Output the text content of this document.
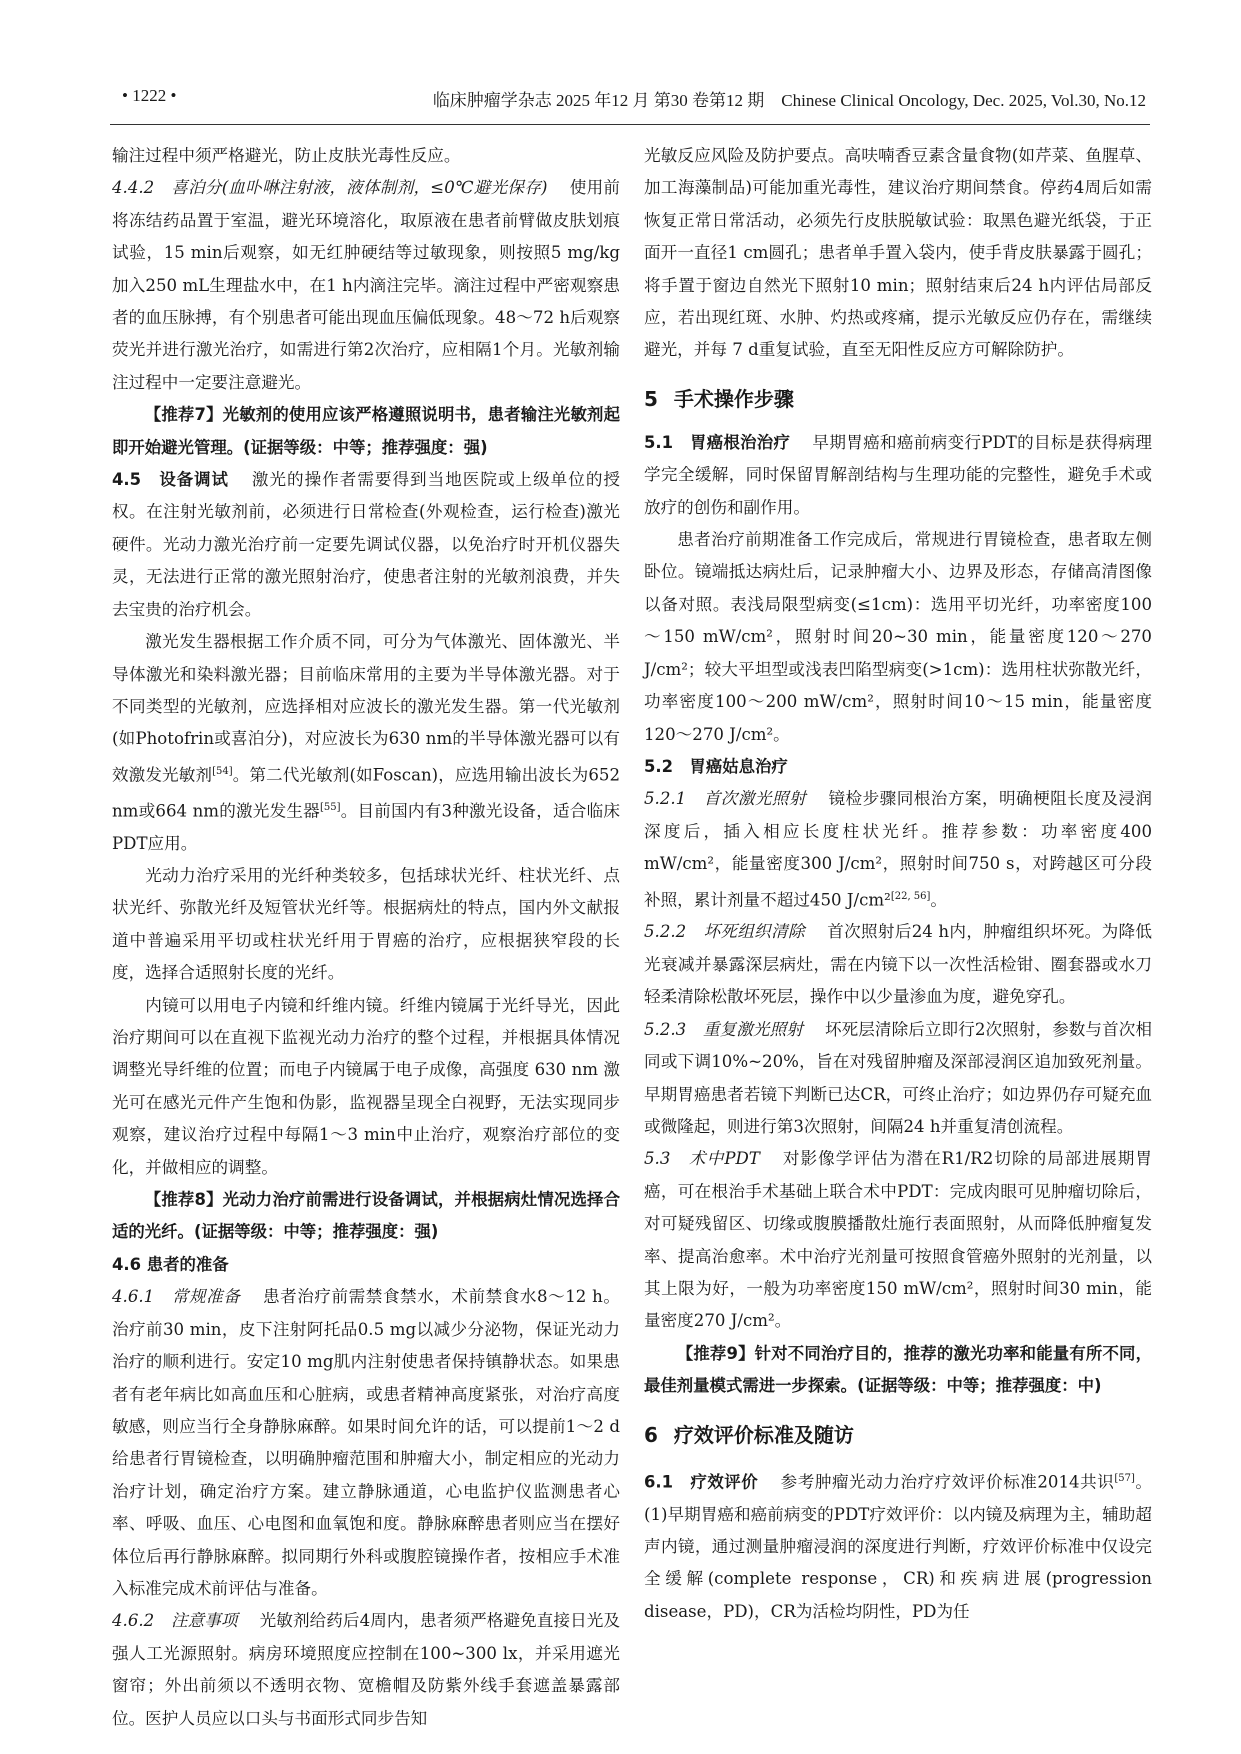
• 1222 •	临床肿瘤学杂志 2025 年12 月 第30 卷第12 期　Chinese Clinical Oncology, Dec. 2025, Vol.30, No.12

输注过程中须严格避光，防止皮肤光毒性反应。

4.4.2　喜泊分(血卟啉注射液，液体制剂，≤0℃避光保存) 使用前将冻结药品置于室温，避光环境溶化，取原液在患者前臂做皮肤划痕试验，15 min后观察，如无红肿硬结等过敏现象，则按照5 mg/kg加入250 mL生理盐水中，在1 h内滴注完毕。滴注过程中严密观察患者的血压脉搏，有个别患者可能出现血压偏低现象。48～72 h后观察荧光并进行激光治疗，如需进行第2次治疗，应相隔1个月。光敏剂输注过程中一定要注意避光。

【推荐7】光敏剂的使用应该严格遵照说明书，患者输注光敏剂起即开始避光管理。(证据等级：中等；推荐强度：强)

4.5　设备调试 激光的操作者需要得到当地医院或上级单位的授权。在注射光敏剂前，必须进行日常检查(外观检查，运行检查)激光硬件。光动力激光治疗前一定要先调试仪器，以免治疗时开机仪器失灵，无法进行正常的激光照射治疗，使患者注射的光敏剂浪费，并失去宝贵的治疗机会。

激光发生器根据工作介质不同，可分为气体激光、固体激光、半导体激光和染料激光器；目前临床常用的主要为半导体激光器。对于不同类型的光敏剂，应选择相对应波长的激光发生器。第一代光敏剂(如Photofrin或喜泊分)，对应波长为630 nm的半导体激光器可以有效激发光敏剂[54]。第二代光敏剂(如Foscan)，应选用输出波长为652 nm或664 nm的激光发生器[55]。目前国内有3种激光设备，适合临床PDT应用。

光动力治疗采用的光纤种类较多，包括球状光纤、柱状光纤、点状光纤、弥散光纤及短管状光纤等。根据病灶的特点，国内外文献报道中普遍采用平切或柱状光纤用于胃癌的治疗，应根据狭窄段的长度，选择合适照射长度的光纤。

内镜可以用电子内镜和纤维内镜。纤维内镜属于光纤导光，因此治疗期间可以在直视下监视光动力治疗的整个过程，并根据具体情况调整光导纤维的位置；而电子内镜属于电子成像，高强度 630 nm 激光可在感光元件产生饱和伪影，监视器呈现全白视野，无法实现同步观察，建议治疗过程中每隔1～3 min中止治疗，观察治疗部位的变化，并做相应的调整。

【推荐8】光动力治疗前需进行设备调试，并根据病灶情况选择合适的光纤。(证据等级：中等；推荐强度：强)

4.6 患者的准备

4.6.1　常规准备 患者治疗前需禁食禁水，术前禁食水8～12 h。治疗前30 min，皮下注射阿托品0.5 mg以减少分泌物，保证光动力治疗的顺利进行。安定10 mg肌内注射使患者保持镇静状态。如果患者有老年病比如高血压和心脏病，或患者精神高度紧张，对治疗高度敏感，则应当行全身静脉麻醉。如果时间允许的话，可以提前1～2 d给患者行胃镜检查，以明确肿瘤范围和肿瘤大小，制定相应的光动力治疗计划，确定治疗方案。建立静脉通道，心电监护仪监测患者心率、呼吸、血压、心电图和血氧饱和度。静脉麻醉患者则应当在摆好体位后再行静脉麻醉。拟同期行外科或腹腔镜操作者，按相应手术准入标准完成术前评估与准备。

4.6.2　注意事项 光敏剂给药后4周内，患者须严格避免直接日光及强人工光源照射。病房环境照度应控制在100~300 lx，并采用遮光窗帘；外出前须以不透明衣物、宽檐帽及防紫外线手套遮盖暴露部位。医护人员应以口头与书面形式同步告知

光敏反应风险及防护要点。高呋喃香豆素含量食物(如芹菜、鱼腥草、加工海藻制品)可能加重光毒性，建议治疗期间禁食。停药4周后如需恢复正常日常活动，必须先行皮肤脱敏试验：取黑色避光纸袋，于正面开一直径1 cm圆孔；患者单手置入袋内，使手背皮肤暴露于圆孔；将手置于窗边自然光下照射10 min；照射结束后24 h内评估局部反应，若出现红斑、水肿、灼热或疼痛，提示光敏反应仍存在，需继续避光，并每 7 d重复试验，直至无阳性反应方可解除防护。

5 手术操作步骤

5.1　胃癌根治治疗 早期胃癌和癌前病变行PDT的目标是获得病理学完全缓解，同时保留胃解剖结构与生理功能的完整性，避免手术或放疗的创伤和副作用。

患者治疗前期准备工作完成后，常规进行胃镜检查，患者取左侧卧位。镜端抵达病灶后，记录肿瘤大小、边界及形态，存储高清图像以备对照。表浅局限型病变(≤1cm)：选用平切光纤，功率密度100～150 mW/cm²，照射时间20~30 min，能量密度120～270 J/cm²；较大平坦型或浅表凹陷型病变(>1cm)：选用柱状弥散光纤，功率密度100～200 mW/cm²，照射时间10～15 min，能量密度 120～270 J/cm²。

5.2　胃癌姑息治疗

5.2.1　首次激光照射 镜检步骤同根治方案，明确梗阻长度及浸润深度后，插入相应长度柱状光纤。推荐参数：功率密度400 mW/cm²，能量密度300 J/cm²，照射时间750 s，对跨越区可分段补照，累计剂量不超过450 J/cm²[22, 56]。

5.2.2　坏死组织清除 首次照射后24 h内，肿瘤组织坏死。为降低光衰减并暴露深层病灶，需在内镜下以一次性活检钳、圈套器或水刀轻柔清除松散坏死层，操作中以少量渗血为度，避免穿孔。

5.2.3　重复激光照射 坏死层清除后立即行2次照射，参数与首次相同或下调10%~20%，旨在对残留肿瘤及深部浸润区追加致死剂量。早期胃癌患者若镜下判断已达CR，可终止治疗；如边界仍存可疑充血或微隆起，则进行第3次照射，间隔24 h并重复清创流程。

5.3　术中PDT 对影像学评估为潜在R1/R2切除的局部进展期胃癌，可在根治手术基础上联合术中PDT：完成肉眼可见肿瘤切除后，对可疑残留区、切缘或腹膜播散灶施行表面照射，从而降低肿瘤复发率、提高治愈率。术中治疗光剂量可按照食管癌外照射的光剂量，以其上限为好，一般为功率密度150 mW/cm²，照射时间30 min，能量密度270 J/cm²。

【推荐9】针对不同治疗目的，推荐的激光功率和能量有所不同，最佳剂量模式需进一步探索。(证据等级：中等；推荐强度：中)

6 疗效评价标准及随访

6.1　疗效评价 参考肿瘤光动力治疗疗效评价标准2014共识[57]。(1)早期胃癌和癌前病变的PDT疗效评价：以内镜及病理为主，辅助超声内镜，通过测量肿瘤浸润的深度进行判断，疗效评价标准中仅设完全缓解(complete response，CR)和疾病进展(progression disease，PD)，CR为活检均阴性，PD为任
